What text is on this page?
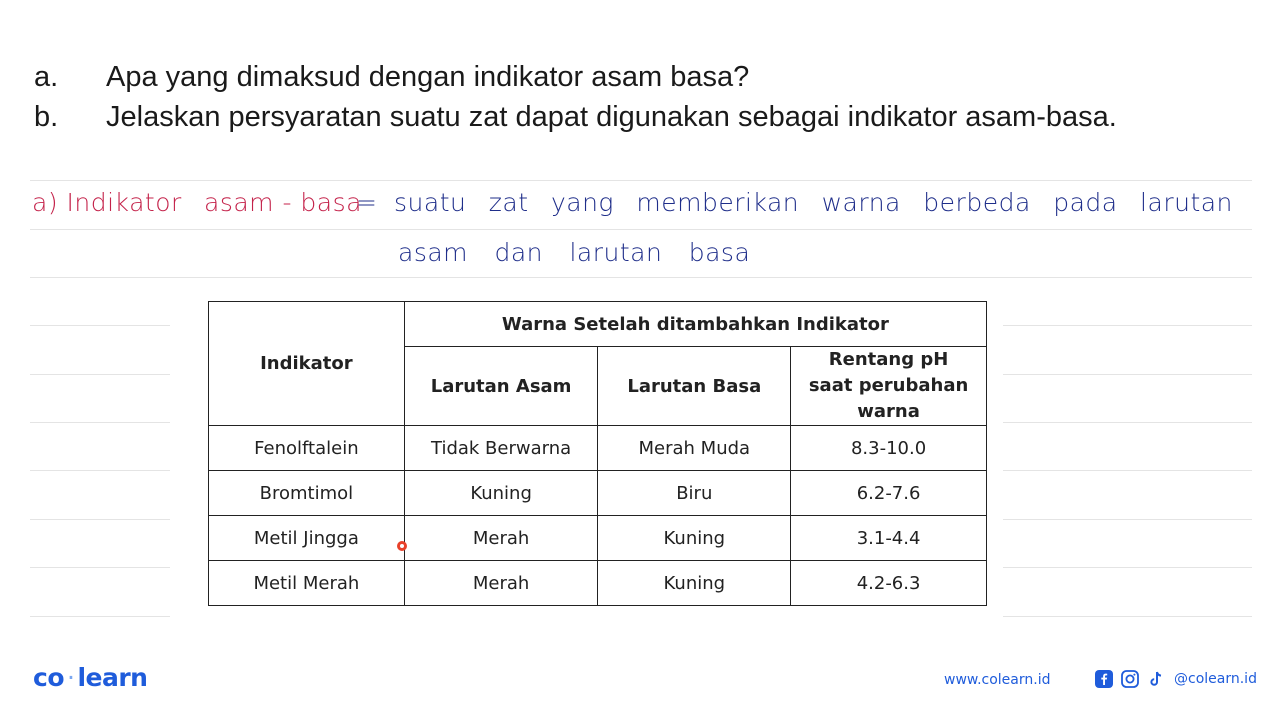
a. Apa yang dimaksud dengan indikator asam basa?
b. Jelaskan persyaratan suatu zat dapat digunakan sebagai indikator asam-basa.
a) Indikator asam - basa
= suatu zat yang memberikan warna berbeda pada larutan
asam dan larutan basa
Indikator	Warna Setelah ditambahkan Indikator		
	Larutan Asam	Larutan Basa	Rentang pH saat perubahan warna
Fenolftalein	Tidak Berwarna	Merah Muda	8.3-10.0
Bromtimol	Kuning	Biru	6.2-7.6
Metil Jingga	Merah	Kuning	3.1-4.4
Metil Merah	Merah	Kuning	4.2-6.3
co · learn	www.colearn.id	@colearn.id
